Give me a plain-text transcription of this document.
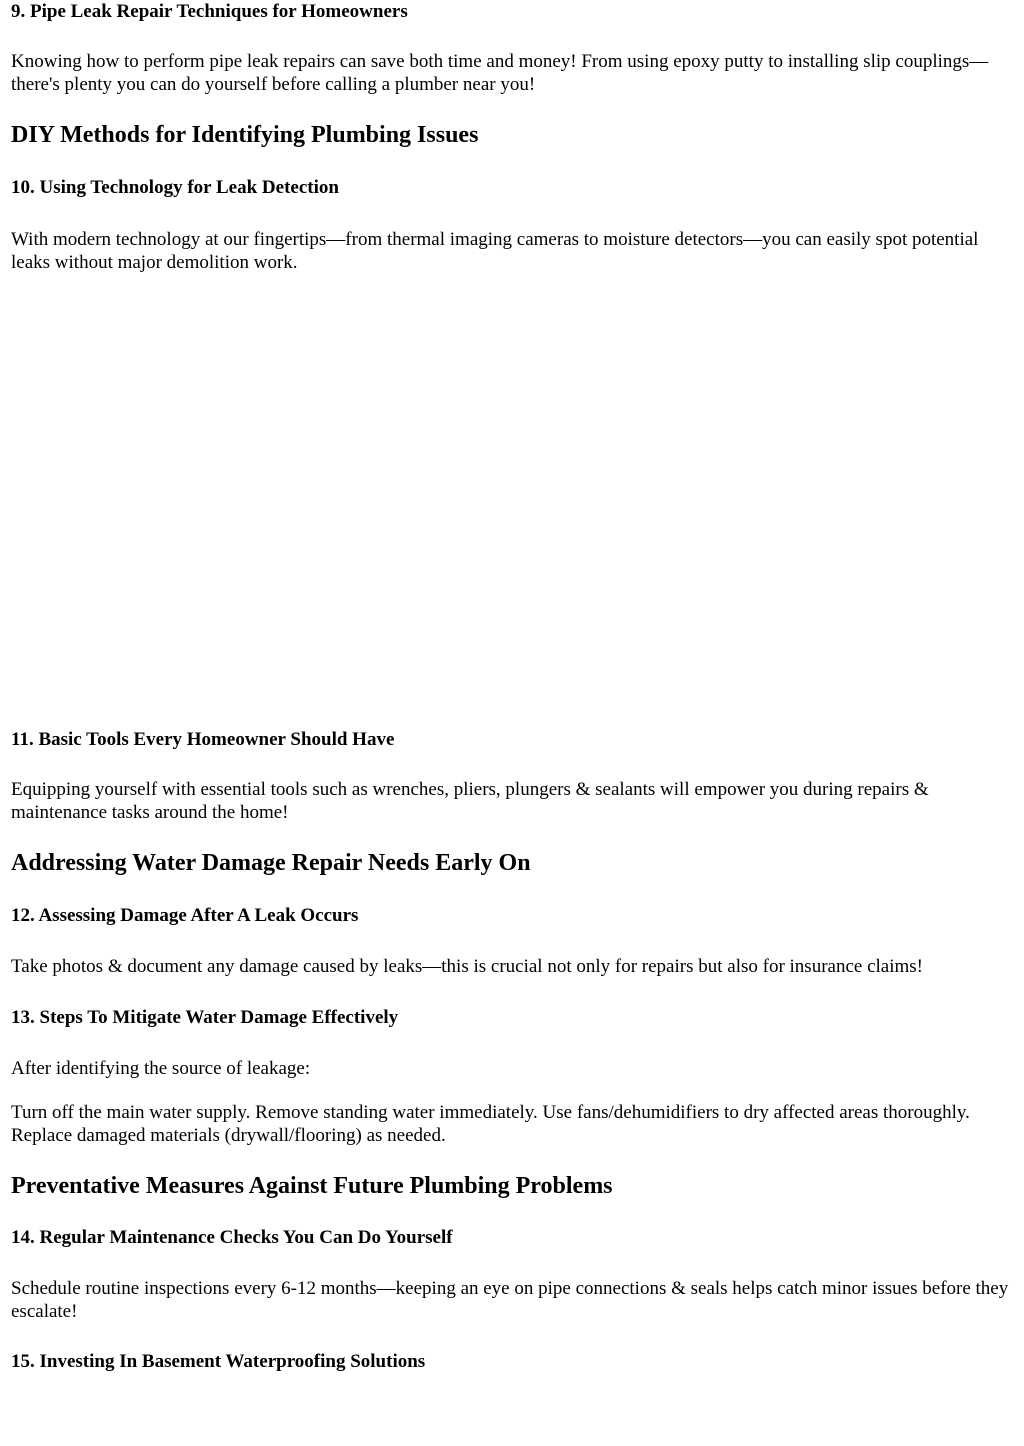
9. Pipe Leak Repair Techniques for Homeowners

Knowing how to perform pipe leak repairs can save both time and money! From using epoxy putty to installing slip couplings—there's plenty you can do yourself before calling a plumber near you!

DIY Methods for Identifying Plumbing Issues
10. Using Technology for Leak Detection

With modern technology at our fingertips—from thermal imaging cameras to moisture detectors—you can easily spot potential leaks without major demolition work.

11. Basic Tools Every Homeowner Should Have

Equipping yourself with essential tools such as wrenches, pliers, plungers & sealants will empower you during repairs & maintenance tasks around the home!

Addressing Water Damage Repair Needs Early On
12. Assessing Damage After A Leak Occurs

Take photos & document any damage caused by leaks—this is crucial not only for repairs but also for insurance claims!

13. Steps To Mitigate Water Damage Effectively

After identifying the source of leakage:

Turn off the main water supply. Remove standing water immediately. Use fans/dehumidifiers to dry affected areas thoroughly. Replace damaged materials (drywall/flooring) as needed.

Preventative Measures Against Future Plumbing Problems
14. Regular Maintenance Checks You Can Do Yourself

Schedule routine inspections every 6-12 months—keeping an eye on pipe connections & seals helps catch minor issues before they escalate!

15. Investing In Basement Waterproofing Solutions
